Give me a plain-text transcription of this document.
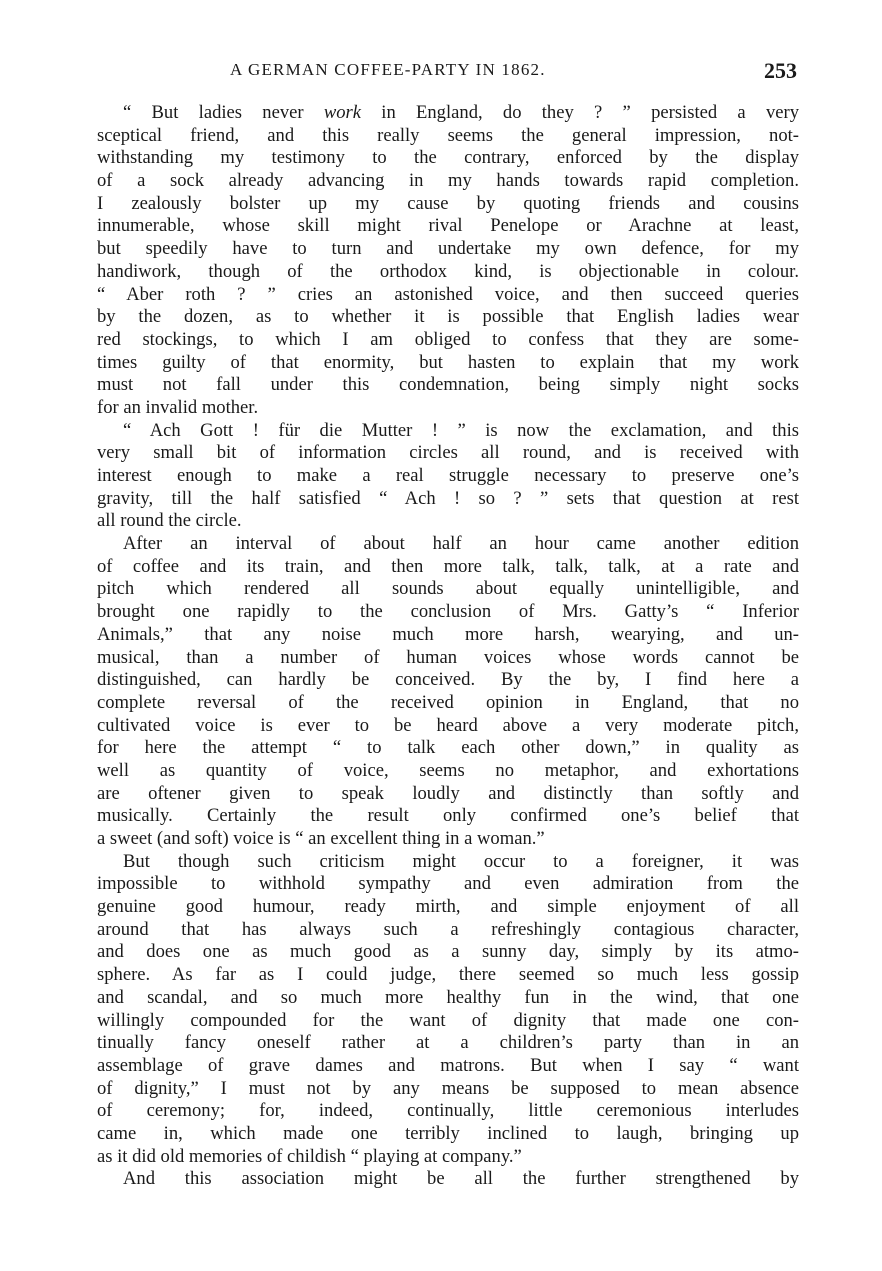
A GERMAN COFFEE-PARTY IN 1862.	253
“ But ladies never work in England, do they ? ” persisted a very
sceptical friend, and this really seems the general impression, not-
withstanding my testimony to the contrary, enforced by the display
of a sock already advancing in my hands towards rapid completion.
I zealously bolster up my cause by quoting friends and cousins
innumerable, whose skill might rival Penelope or Arachne at least,
but speedily have to turn and undertake my own defence, for my
handiwork, though of the orthodox kind, is objectionable in colour.
“ Aber roth ? ” cries an astonished voice, and then succeed queries
by the dozen, as to whether it is possible that English ladies wear
red stockings, to which I am obliged to confess that they are some-
times guilty of that enormity, but hasten to explain that my work
must not fall under this condemnation, being simply night socks
for an invalid mother.
“ Ach Gott ! für die Mutter ! ” is now the exclamation, and this
very small bit of information circles all round, and is received with
interest enough to make a real struggle necessary to preserve one’s
gravity, till the half satisfied “ Ach ! so ? ” sets that question at rest
all round the circle.
After an interval of about half an hour came another edition
of coffee and its train, and then more talk, talk, talk, at a rate and
pitch which rendered all sounds about equally unintelligible, and
brought one rapidly to the conclusion of Mrs. Gatty’s “ Inferior
Animals,” that any noise much more harsh, wearying, and un-
musical, than a number of human voices whose words cannot be
distinguished, can hardly be conceived. By the by, I find here a
complete reversal of the received opinion in England, that no
cultivated voice is ever to be heard above a very moderate pitch,
for here the attempt “ to talk each other down,” in quality as
well as quantity of voice, seems no metaphor, and exhortations
are oftener given to speak loudly and distinctly than softly and
musically. Certainly the result only confirmed one’s belief that
a sweet (and soft) voice is “ an excellent thing in a woman.”
But though such criticism might occur to a foreigner, it was
impossible to withhold sympathy and even admiration from the
genuine good humour, ready mirth, and simple enjoyment of all
around that has always such a refreshingly contagious character,
and does one as much good as a sunny day, simply by its atmo-
sphere. As far as I could judge, there seemed so much less gossip
and scandal, and so much more healthy fun in the wind, that one
willingly compounded for the want of dignity that made one con-
tinually fancy oneself rather at a children’s party than in an
assemblage of grave dames and matrons. But when I say “ want
of dignity,” I must not by any means be supposed to mean absence
of ceremony; for, indeed, continually, little ceremonious interludes
came in, which made one terribly inclined to laugh, bringing up
as it did old memories of childish “ playing at company.”
And this association might be all the further strengthened by
